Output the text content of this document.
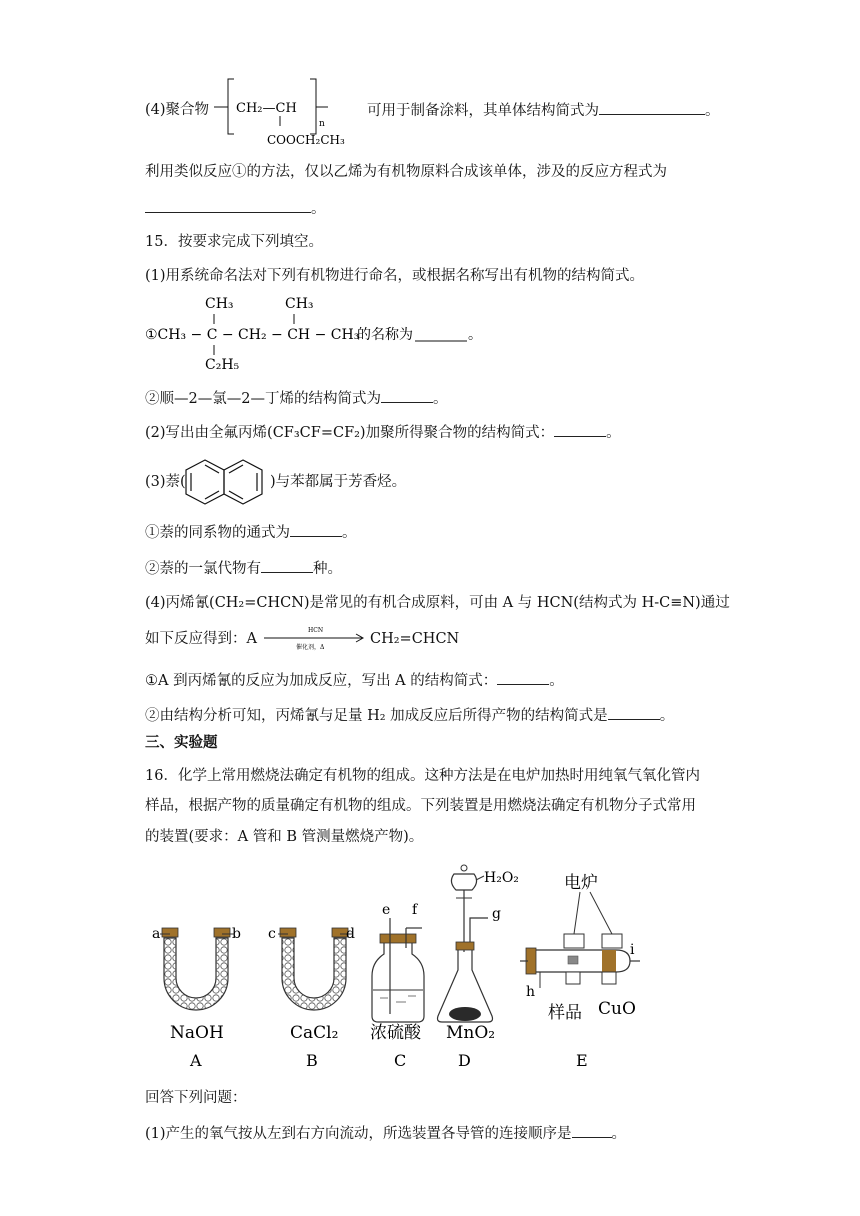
(4)聚合物 CH₂—CH
n
COOCH₂CH₃
可用于制备涂料，其单体结构简式为	。
利用类似反应①的方法，仅以乙烯为有机物原料合成该单体，涉及的反应方程式为
。
15．按要求完成下列填空。
(1)用系统命名法对下列有机物进行命名，或根据名称写出有机物的结构简式。
CH₃	CH₃
①CH₃ − C − CH₂ − CH − CH₃
的名称为	。
C₂H₅
②顺—2—氯—2—丁烯的结构简式为	。
(2)写出由全氟丙烯(CF₃CF=CF₂)加聚所得聚合物的结构简式：	。
(3)萘(	)与苯都属于芳香烃。
①萘的同系物的通式为	。
②萘的一氯代物有	种。
(4)丙烯氰(CH₂=CHCN)是常见的有机合成原料，可由 A 与 HCN(结构式为 H-C≡N)通过
如下反应得到：A
HCN
催化剂，Δ
CH₂=CHCN
①A 到丙烯氰的反应为加成反应，写出 A 的结构简式：	。
②由结构分析可知，丙烯氰与足量 H₂ 加成反应后所得产物的结构简式是	。
三、实验题
16．化学上常用燃烧法确定有机物的组成。这种方法是在电炉加热时用纯氧气氧化管内
样品，根据产物的质量确定有机物的组成。下列装置是用燃烧法确定有机物分子式常用
的装置(要求：A 管和 B 管测量燃烧产物)。
a	b
NaOH
A
c	d
CaCl₂
B
e f
浓硫酸
C
H₂O₂
g
MnO₂
D
电炉
i
h
样品 CuO
E
回答下列问题：
(1)产生的氧气按从左到右方向流动，所选装置各导管的连接顺序是	。
